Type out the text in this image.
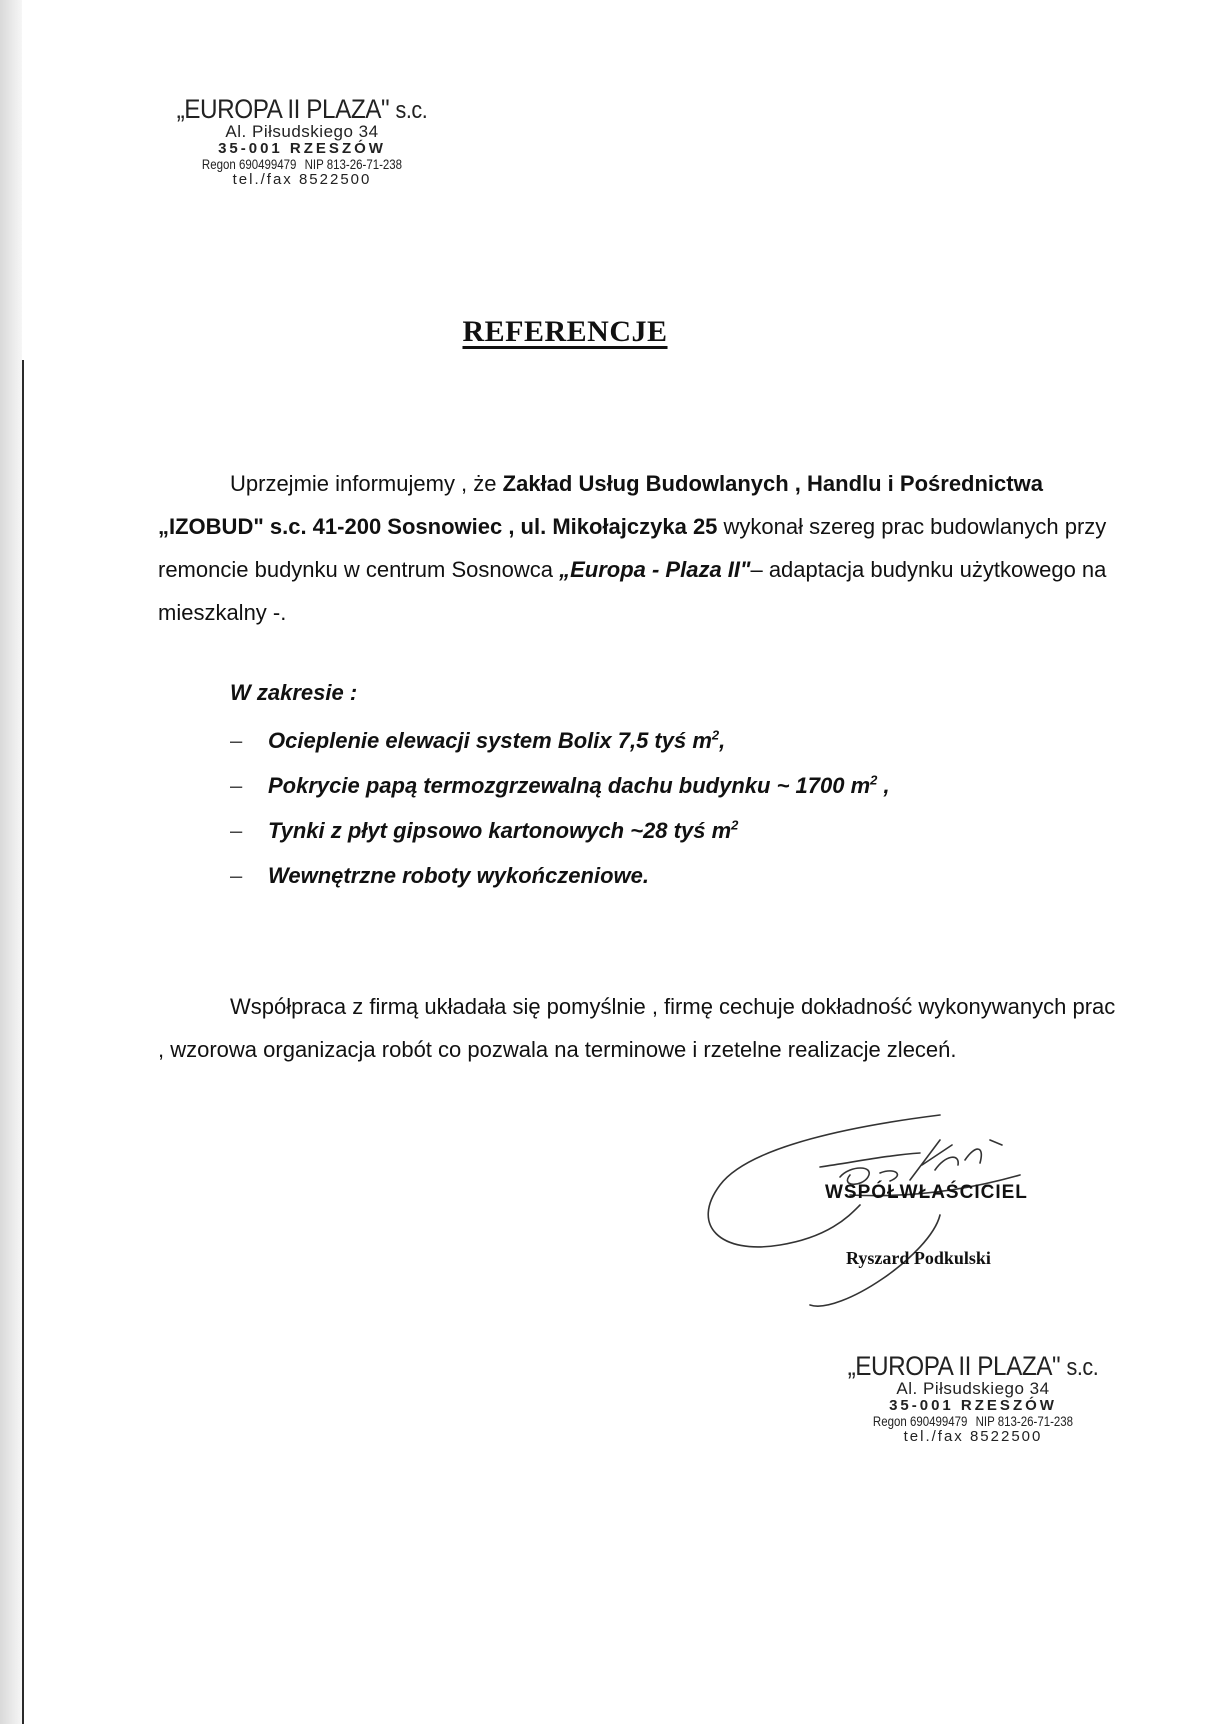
„EUROPA II PLAZA" s.c.
Al. Piłsudskiego 34
35-001 RZESZÓW
Regon 690499479 NIP 813-26-71-238
tel./fax 8522500
REFERENCJE
Uprzejmie informujemy , że Zakład Usług Budowlanych , Handlu i Pośrednictwa „IZOBUD" s.c. 41-200 Sosnowiec , ul. Mikołajczyka 25 wykonał szereg prac budowlanych przy remoncie budynku w centrum Sosnowca „Europa - Plaza II"– adaptacja budynku użytkowego na mieszkalny -.
W zakresie :
– Ocieplenie elewacji system Bolix 7,5 tyś $m^2$,
– Pokrycie papą termozgrzewalną dachu budynku ~ 1700 $m^2$ ,
– Tynki z płyt gipsowo kartonowych ~28 tyś $m^2$
– Wewnętrzne roboty wykończeniowe.
Współpraca z firmą układała się pomyślnie , firmę cechuje dokładność wykonywanych prac , wzorowa organizacja robót co pozwala na terminowe i rzetelne realizacje zleceń.
WSPÓŁWŁAŚCICIEL
Ryszard Podkulski
„EUROPA II PLAZA" s.c.
Al. Piłsudskiego 34
35-001 RZESZÓW
Regon 690499479 NIP 813-26-71-238
tel./fax 8522500
